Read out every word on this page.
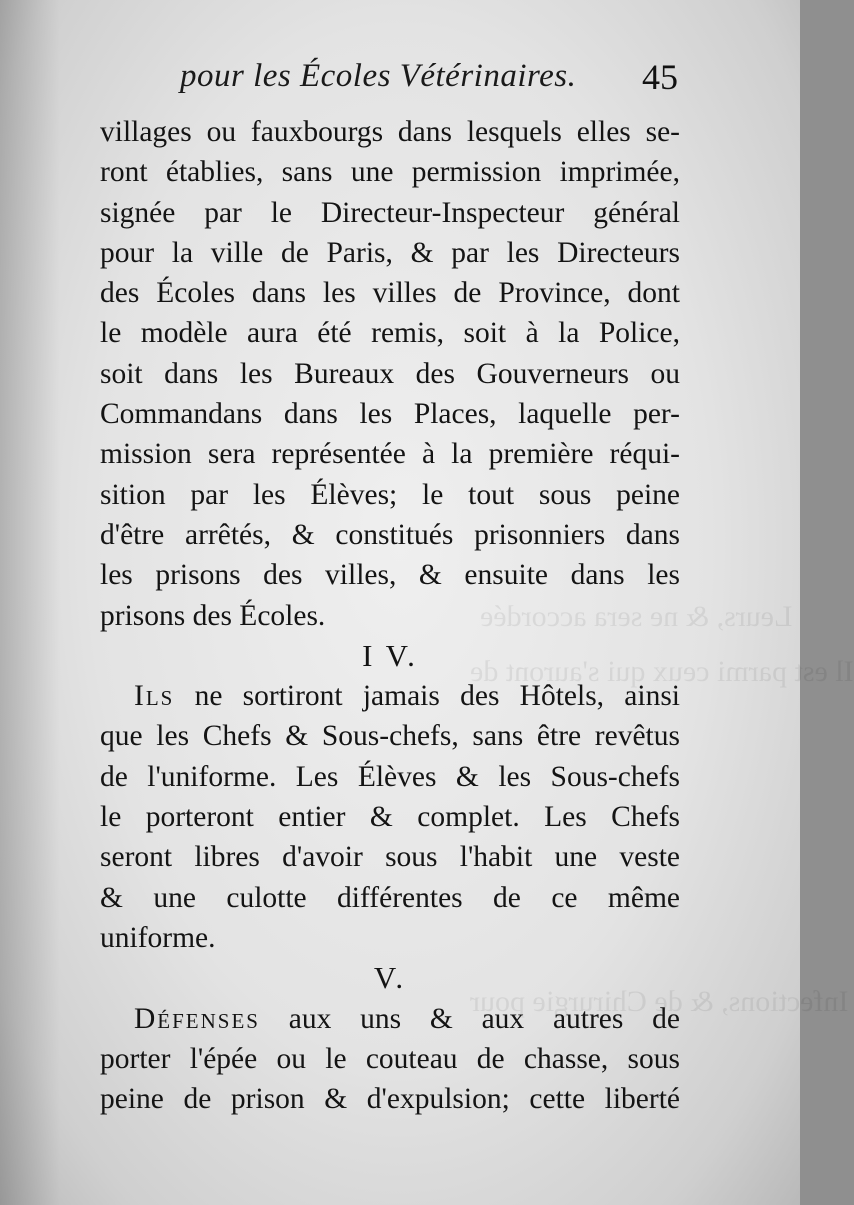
Leurs, & ne sera accordée
Il est parmi ceux qui s'auront de
Infections, & de Chirurgie pour
pour les Écoles Vétérinaires. 45
villages ou fauxbourgs dans lesquels elles se-
ront établies, sans une permission imprimée,
signée par le Directeur-Inspecteur général
pour la ville de Paris, & par les Directeurs
des Écoles dans les villes de Province, dont
le modèle aura été remis, soit à la Police,
soit dans les Bureaux des Gouverneurs ou
Commandans dans les Places, laquelle per-
mission sera représentée à la première réqui-
sition par les Élèves; le tout sous peine
d'être arrêtés, & constitués prisonniers dans
les prisons des villes, & ensuite dans les
prisons des Écoles.
I V.
Ils ne sortiront jamais des Hôtels, ainsi
que les Chefs & Sous-chefs, sans être revêtus
de l'uniforme. Les Élèves & les Sous-chefs
le porteront entier & complet. Les Chefs
seront libres d'avoir sous l'habit une veste
& une culotte différentes de ce même
uniforme.
V.
Défenses aux uns & aux autres de
porter l'épée ou le couteau de chasse, sous
peine de prison & d'expulsion; cette liberté
